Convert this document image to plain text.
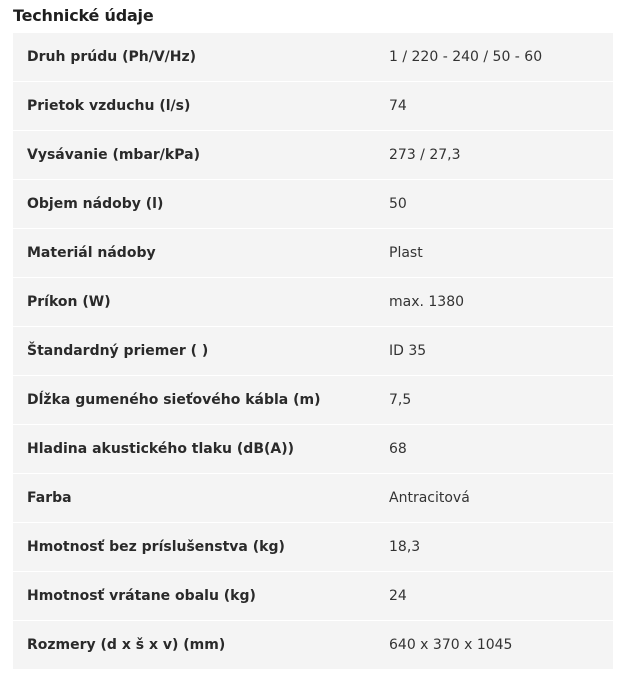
Technické údaje
Druh prúdu (Ph/V/Hz)	1 / 220 - 240 / 50 - 60
Prietok vzduchu (l/s)	74
Vysávanie (mbar/kPa)	273 / 27,3
Objem nádoby (l)	50
Materiál nádoby	Plast
Príkon (W)	max. 1380
Štandardný priemer ( )	ID 35
Dĺžka gumeného sieťového kábla (m)	7,5
Hladina akustického tlaku (dB(A))	68
Farba	Antracitová
Hmotnosť bez príslušenstva (kg)	18,3
Hmotnosť vrátane obalu (kg)	24
Rozmery (d x š x v) (mm)	640 x 370 x 1045
